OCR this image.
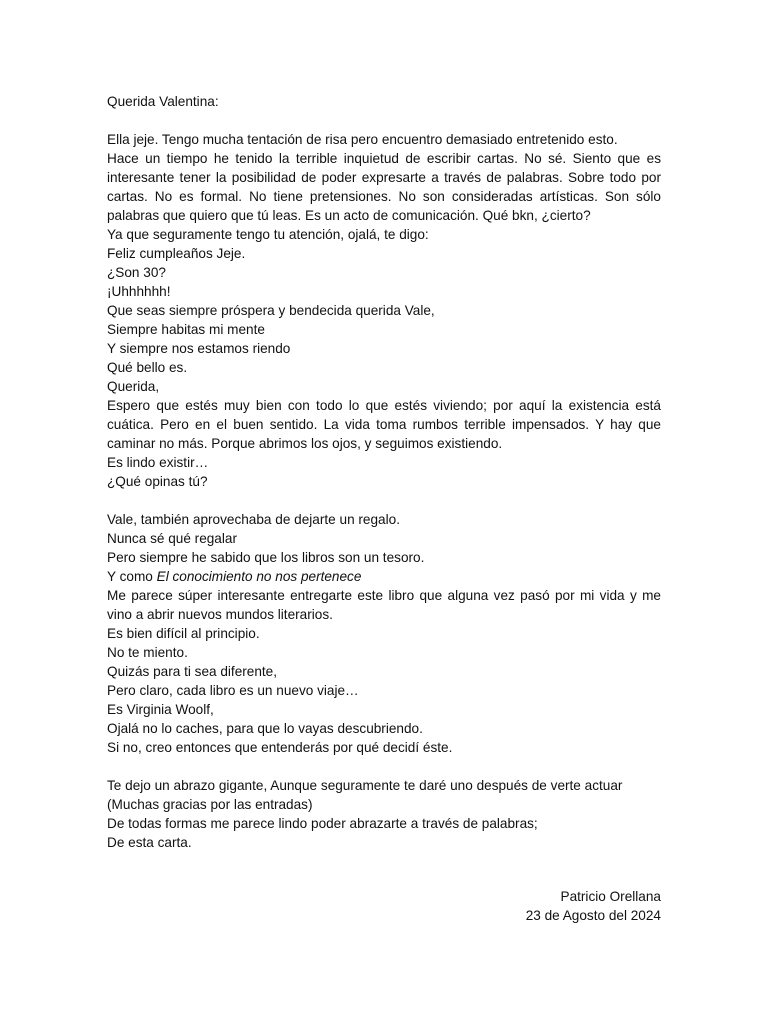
Querida Valentina:

Ella jeje. Tengo mucha tentación de risa pero encuentro demasiado entretenido esto.

Hace un tiempo he tenido la terrible inquietud de escribir cartas. No sé. Siento que es interesante tener la posibilidad de poder expresarte a través de palabras. Sobre todo por cartas. No es formal. No tiene pretensiones. No son consideradas artísticas. Son sólo palabras que quiero que tú leas. Es un acto de comunicación. Qué bkn, ¿cierto?

Ya que seguramente tengo tu atención, ojalá, te digo:

Feliz cumpleaños Jeje.

¿Son 30?

¡Uhhhhhh!

Que seas siempre próspera y bendecida querida Vale,

Siempre habitas mi mente

Y siempre nos estamos riendo

Qué bello es.

Querida,

Espero que estés muy bien con todo lo que estés viviendo; por aquí la existencia está cuática. Pero en el buen sentido. La vida toma rumbos terrible impensados. Y hay que caminar no más. Porque abrimos los ojos, y seguimos existiendo.

Es lindo existir…

¿Qué opinas tú?

Vale, también aprovechaba de dejarte un regalo.

Nunca sé qué regalar

Pero siempre he sabido que los libros son un tesoro.

Y como El conocimiento no nos pertenece

Me parece súper interesante entregarte este libro que alguna vez pasó por mi vida y me vino a abrir nuevos mundos literarios.

Es bien difícil al principio.

No te miento.

Quizás para ti sea diferente,

Pero claro, cada libro es un nuevo viaje…

Es Virginia Woolf,

Ojalá no lo caches, para que lo vayas descubriendo.

Si no, creo entonces que entenderás por qué decidí éste.

Te dejo un abrazo gigante, Aunque seguramente te daré uno después de verte actuar

(Muchas gracias por las entradas)

De todas formas me parece lindo poder abrazarte a través de palabras;

De esta carta.

Patricio Orellana
23 de Agosto del 2024
